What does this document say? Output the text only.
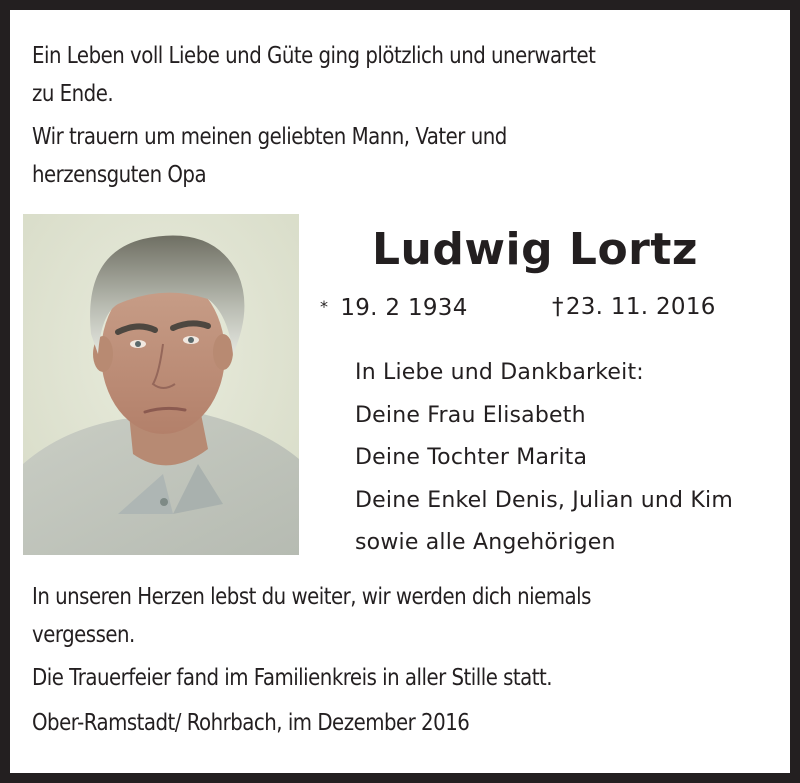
Ein Leben voll Liebe und Güte ging plötzlich und unerwartet
zu Ende.
Wir trauern um meinen geliebten Mann, Vater und
herzensguten Opa
Ludwig Lortz
* 19. 2 1934	†23. 11. 2016
In Liebe und Dankbarkeit:
Deine Frau Elisabeth
Deine Tochter Marita
Deine Enkel Denis, Julian und Kim
sowie alle Angehörigen
In unseren Herzen lebst du weiter, wir werden dich niemals
vergessen.
Die Trauerfeier fand im Familienkreis in aller Stille statt.
Ober-Ramstadt/ Rohrbach, im Dezember 2016
